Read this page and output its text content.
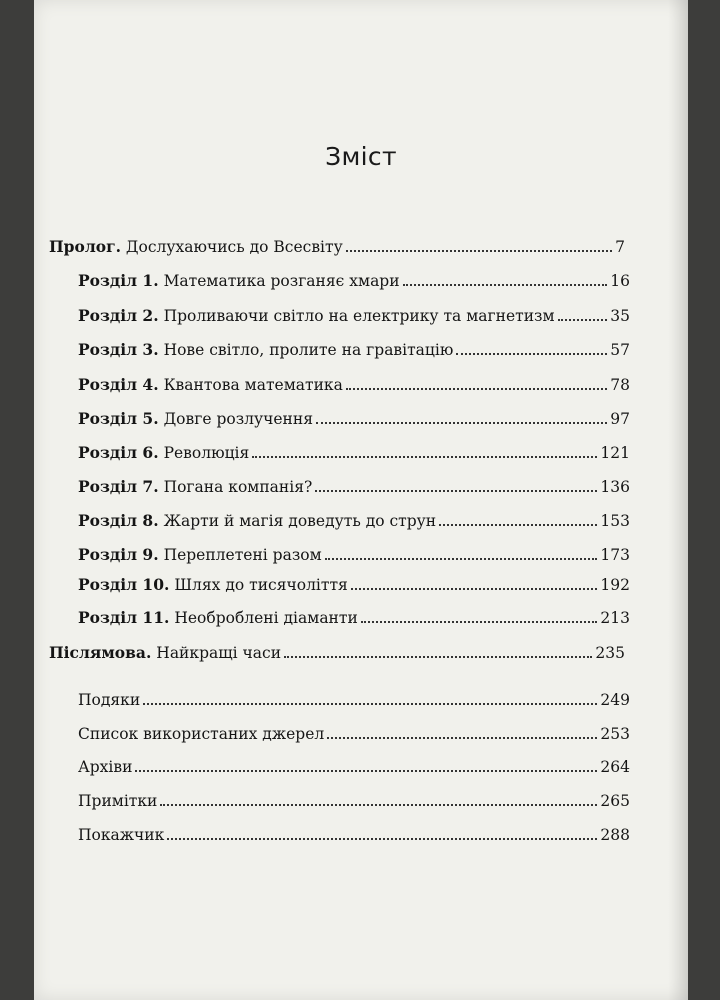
Зміст
Пролог. Дослухаючись до Всесвіту	7
Розділ 1. Математика розганяє хмари	16
Розділ 2. Проливаючи світло на електрику та магнетизм	35
Розділ 3. Нове світло, пролите на гравітацію	57
Розділ 4. Квантова математика	78
Розділ 5. Довге розлучення	97
Розділ 6. Революція	121
Розділ 7. Погана компанія?	136
Розділ 8. Жарти й магія доведуть до струн	153
Розділ 9. Переплетені разом	173
Розділ 10. Шлях до тисячоліття	192
Розділ 11. Необроблені діаманти	213
Післямова. Найкращі часи	235
Подяки	249
Список використаних джерел	253
Архіви	264
Примітки	265
Покажчик	288
